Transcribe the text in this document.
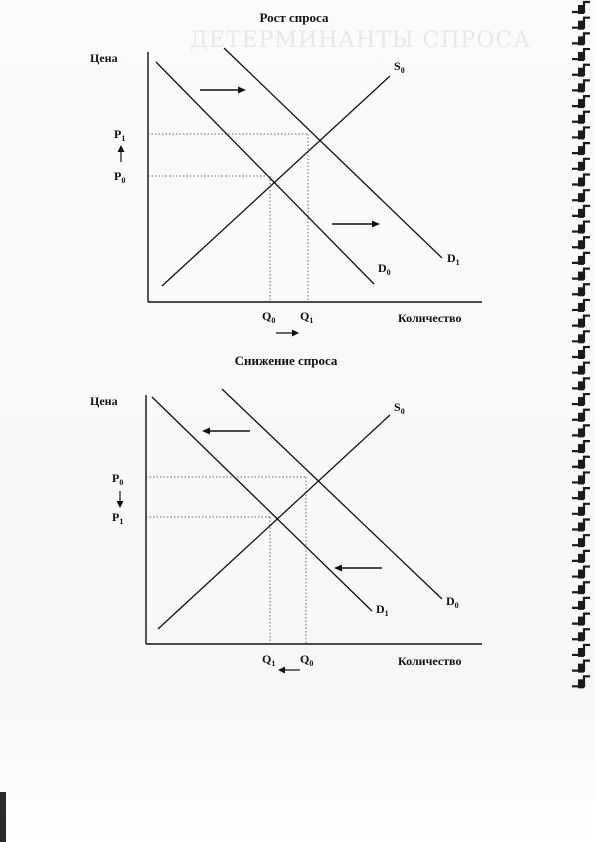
ДЕТЕРМИНАНТЫ СПРОСА
Рост спроса
Цена
$S_0$
$D_1$
$D_0$
$P_1$
$P_0$
$Q_0$ $Q_1$	Количество
Снижение спроса
Цена	$S_0$
$D_0$
$D_1$
$P_0$
$P_1$
$Q_1$ $Q_0$	Количество
